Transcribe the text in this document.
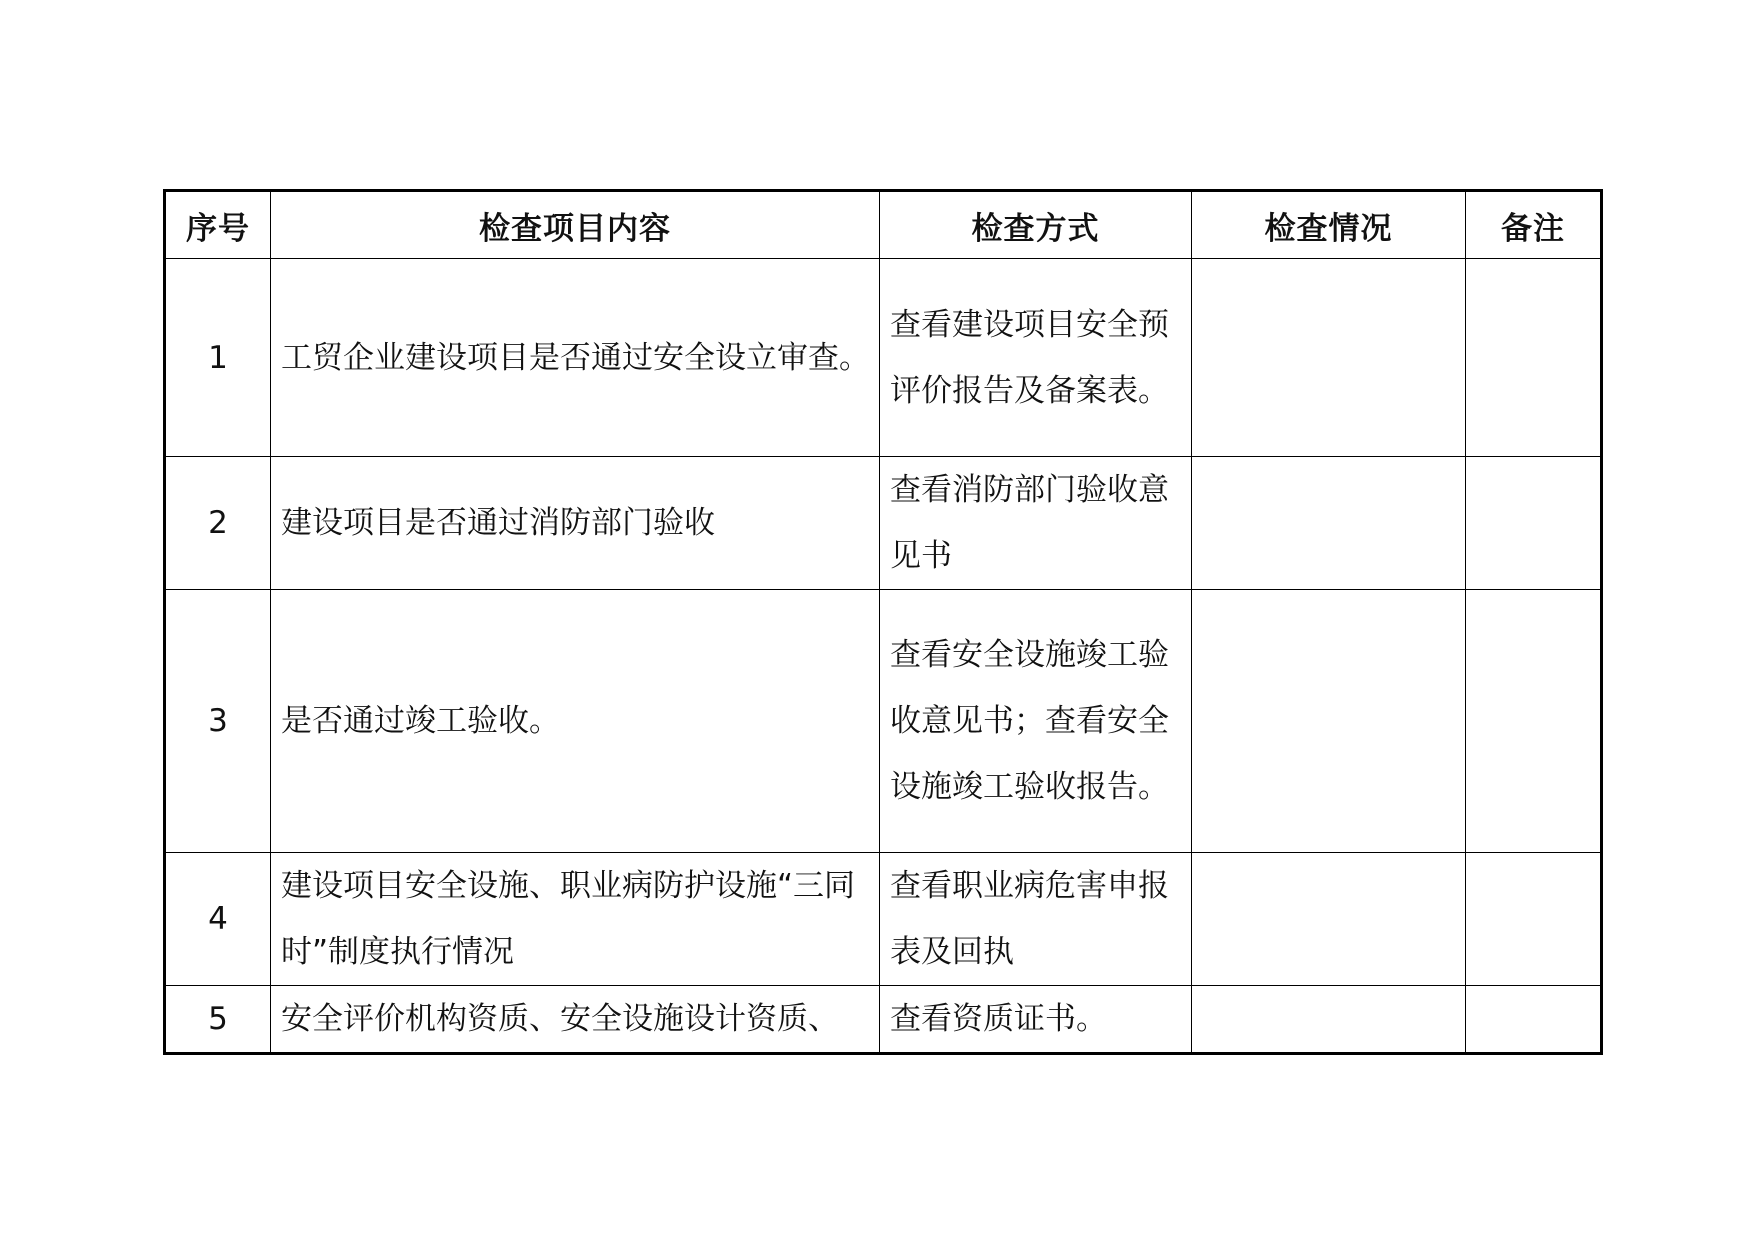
序号	检查项目内容	检查方式	检查情况	备注
1	工贸企业建设项目是否通过安全设立审查。	查看建设项目安全预评价报告及备案表。		

2	建设项目是否通过消防部门验收	查看消防部门验收意见书		

3	是否通过竣工验收。	查看安全设施竣工验收意见书；查看安全设施竣工验收报告。		

4	建设项目安全设施、职业病防护设施“三同时”制度执行情况	查看职业病危害申报表及回执		

5	安全评价机构资质、安全设施设计资质、	查看资质证书。		
